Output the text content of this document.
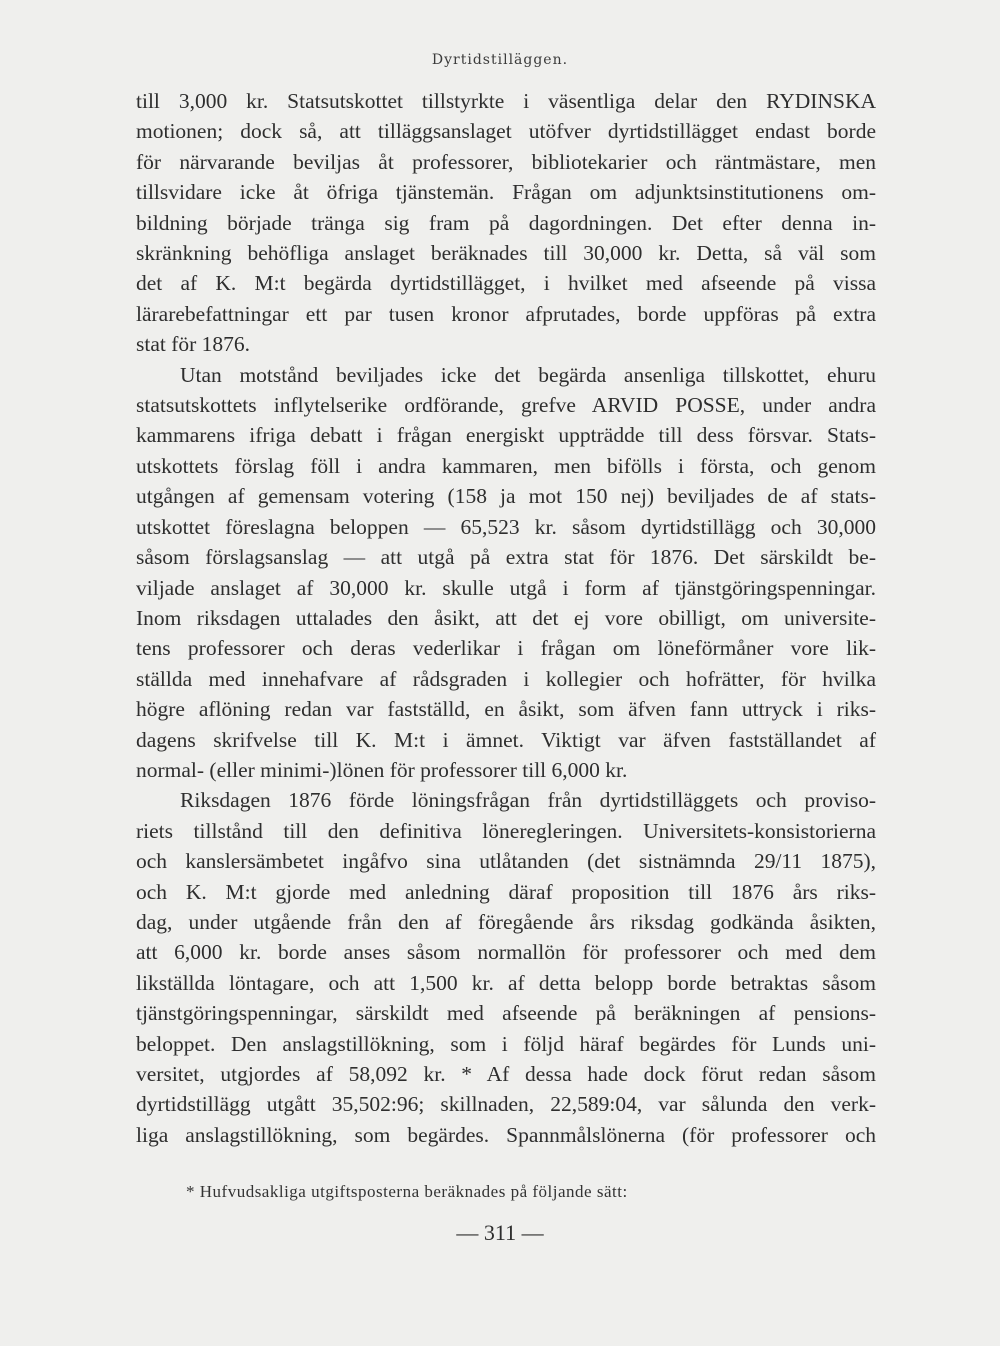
Dyrtidstilläggen.
till 3,000 kr. Statsutskottet tillstyrkte i väsentliga delar den RYDINSKA
motionen; dock så, att tilläggsanslaget utöfver dyrtidstillägget endast borde
för närvarande beviljas åt professorer, bibliotekarier och räntmästare, men
tillsvidare icke åt öfriga tjänstemän. Frågan om adjunktsinstitutionens om-
bildning började tränga sig fram på dagordningen. Det efter denna in-
skränkning behöfliga anslaget beräknades till 30,000 kr. Detta, så väl som
det af K. M:t begärda dyrtidstillägget, i hvilket med afseende på vissa
lärarebefattningar ett par tusen kronor afprutades, borde uppföras på extra
stat för 1876.
Utan motstånd beviljades icke det begärda ansenliga tillskottet, ehuru
statsutskottets inflytelserike ordförande, grefve ARVID POSSE, under andra
kammarens ifriga debatt i frågan energiskt uppträdde till dess försvar. Stats-
utskottets förslag föll i andra kammaren, men bifölls i första, och genom
utgången af gemensam votering (158 ja mot 150 nej) beviljades de af stats-
utskottet föreslagna beloppen — 65,523 kr. såsom dyrtidstillägg och 30,000
såsom förslagsanslag — att utgå på extra stat för 1876. Det särskildt be-
viljade anslaget af 30,000 kr. skulle utgå i form af tjänstgöringspenningar.
Inom riksdagen uttalades den åsikt, att det ej vore obilligt, om universite-
tens professorer och deras vederlikar i frågan om löneförmåner vore lik-
ställda med innehafvare af rådsgraden i kollegier och hofrätter, för hvilka
högre aflöning redan var fastställd, en åsikt, som äfven fann uttryck i riks-
dagens skrifvelse till K. M:t i ämnet. Viktigt var äfven fastställandet af
normal- (eller minimi-)lönen för professorer till 6,000 kr.
Riksdagen 1876 förde löningsfrågan från dyrtidstilläggets och proviso-
riets tillstånd till den definitiva löneregleringen. Universitets-konsistorierna
och kanslersämbetet ingåfvo sina utlåtanden (det sistnämnda 29/11 1875),
och K. M:t gjorde med anledning däraf proposition till 1876 års riks-
dag, under utgående från den af föregående års riksdag godkända åsikten,
att 6,000 kr. borde anses såsom normallön för professorer och med dem
likställda löntagare, och att 1,500 kr. af detta belopp borde betraktas såsom
tjänstgöringspenningar, särskildt med afseende på beräkningen af pensions-
beloppet. Den anslagstillökning, som i följd häraf begärdes för Lunds uni-
versitet, utgjordes af 58,092 kr. * Af dessa hade dock förut redan såsom
dyrtidstillägg utgått 35,502:96; skillnaden, 22,589:04, var sålunda den verk-
liga anslagstillökning, som begärdes. Spannmålslönerna (för professorer och
* Hufvudsakliga utgiftsposterna beräknades på följande sätt:
— 311 —
